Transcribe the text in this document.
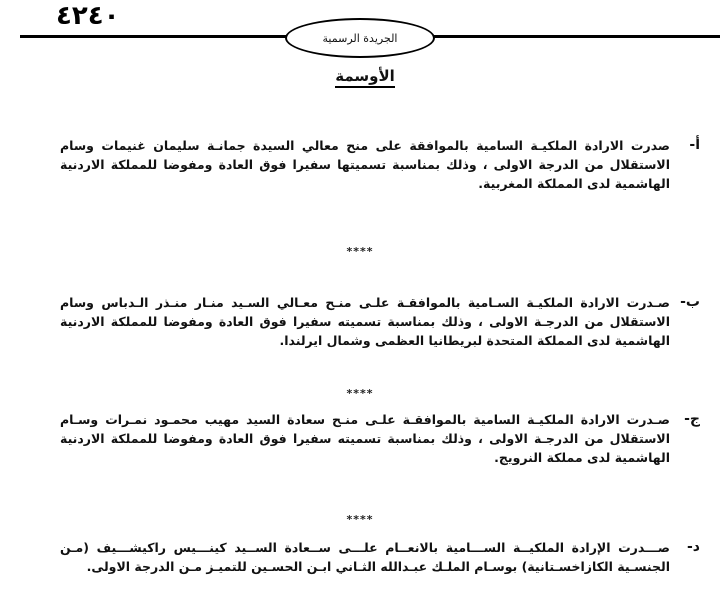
٤٢٤٠
الجريدة الرسمية
الأوسمة
أ-
صدرت الارادة الملكيـة السامية بالموافقة على منح معالي السيدة جمانـة سليمان غنيمات وسام الاستقلال من الدرجة الاولى ، وذلك بمناسبة تسميتها سفيرا فوق العادة ومفوضا للمملكة الاردنية الهاشمية لدى المملكة المغربية.
****
ب-
صـدرت الارادة الملكيـة السـامية بالموافقـة علـى منـح معـالي السـيد منـار منـذر الـدباس وسام الاستقلال من الدرجـة الاولى ، وذلك بمناسبة تسميته سفيرا فوق العادة ومفوضا للمملكة الاردنية الهاشمية لدى المملكة المتحدة لبريطانيا العظمى وشمال ايرلندا.
****
ج-
صـدرت الارادة الملكيـة السامية بالموافقـة علـى منـح سعادة السيد مهيب محمـود نمـرات وسـام الاستقلال من الدرجـة الاولى ، وذلك بمناسبة تسميته سفيرا فوق العادة ومفوضا للمملكة الاردنية الهاشمية لدى مملكة النرويج.
****
د-
صـــدرت الإرادة الملكيــة الســـامية بالانعــام علـــى ســعادة الســيد كينـــيس راكيشـــيف (مـن الجنسـية الكازاخسـتانية) بوسـام الملـك عبـدالله الثـاني ابـن الحسـين للتميـز مـن الدرجة الاولى.
